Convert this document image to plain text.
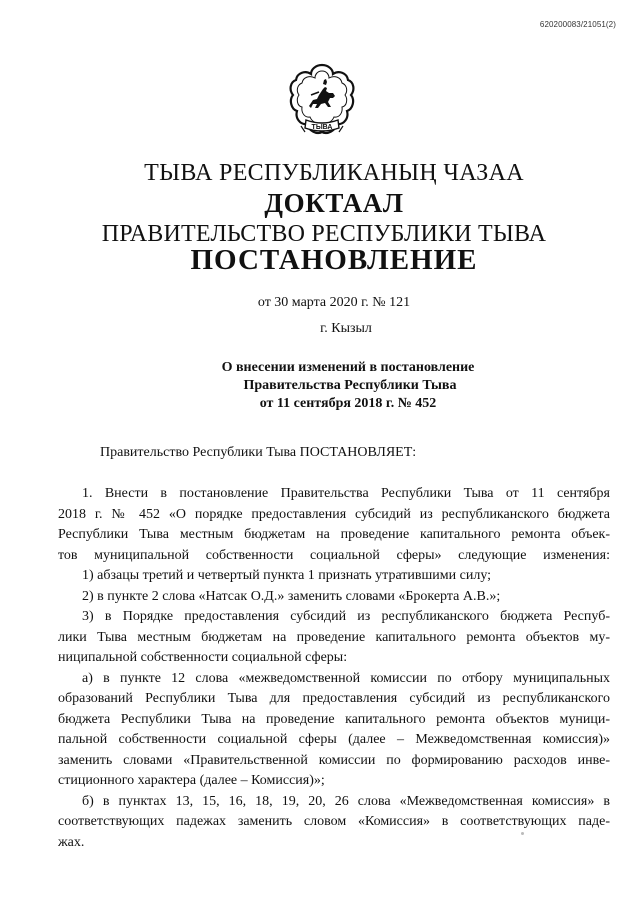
620200083/21051(2)
ТЫВА
ТЫВА РЕСПУБЛИКАНЫҢ ЧАЗАА
ДОКТААЛ
ПРАВИТЕЛЬСТВО РЕСПУБЛИКИ ТЫВА
ПОСТАНОВЛЕНИЕ
от 30 марта 2020 г. № 121
г. Кызыл
О внесении изменений в постановление
Правительства Республики Тыва
от 11 сентября 2018 г. № 452
Правительство Республики Тыва ПОСТАНОВЛЯЕТ:
1. Внести в постановление Правительства Республики Тыва от 11 сентября
2018 г. № 452 «О порядке предоставления субсидий из республиканского бюджета
Республики Тыва местным бюджетам на проведение капитального ремонта объек-
тов муниципальной собственности социальной сферы» следующие изменения:
1) абзацы третий и четвертый пункта 1 признать утратившими силу;
2) в пункте 2 слова «Натсак О.Д.» заменить словами «Брокерта А.В.»;
3) в Порядке предоставления субсидий из республиканского бюджета Респуб-
лики Тыва местным бюджетам на проведение капитального ремонта объектов му-
ниципальной собственности социальной сферы:
а) в пункте 12 слова «межведомственной комиссии по отбору муниципальных
образований Республики Тыва для предоставления субсидий из республиканского
бюджета Республики Тыва на проведение капитального ремонта объектов муници-
пальной собственности социальной сферы (далее – Межведомственная комиссия)»
заменить словами «Правительственной комиссии по формированию расходов инве-
стиционного характера (далее – Комиссия)»;
б) в пунктах 13, 15, 16, 18, 19, 20, 26 слова «Межведомственная комиссия» в
соответствующих падежах заменить словом «Комиссия» в соответствующих паде-
жах.
